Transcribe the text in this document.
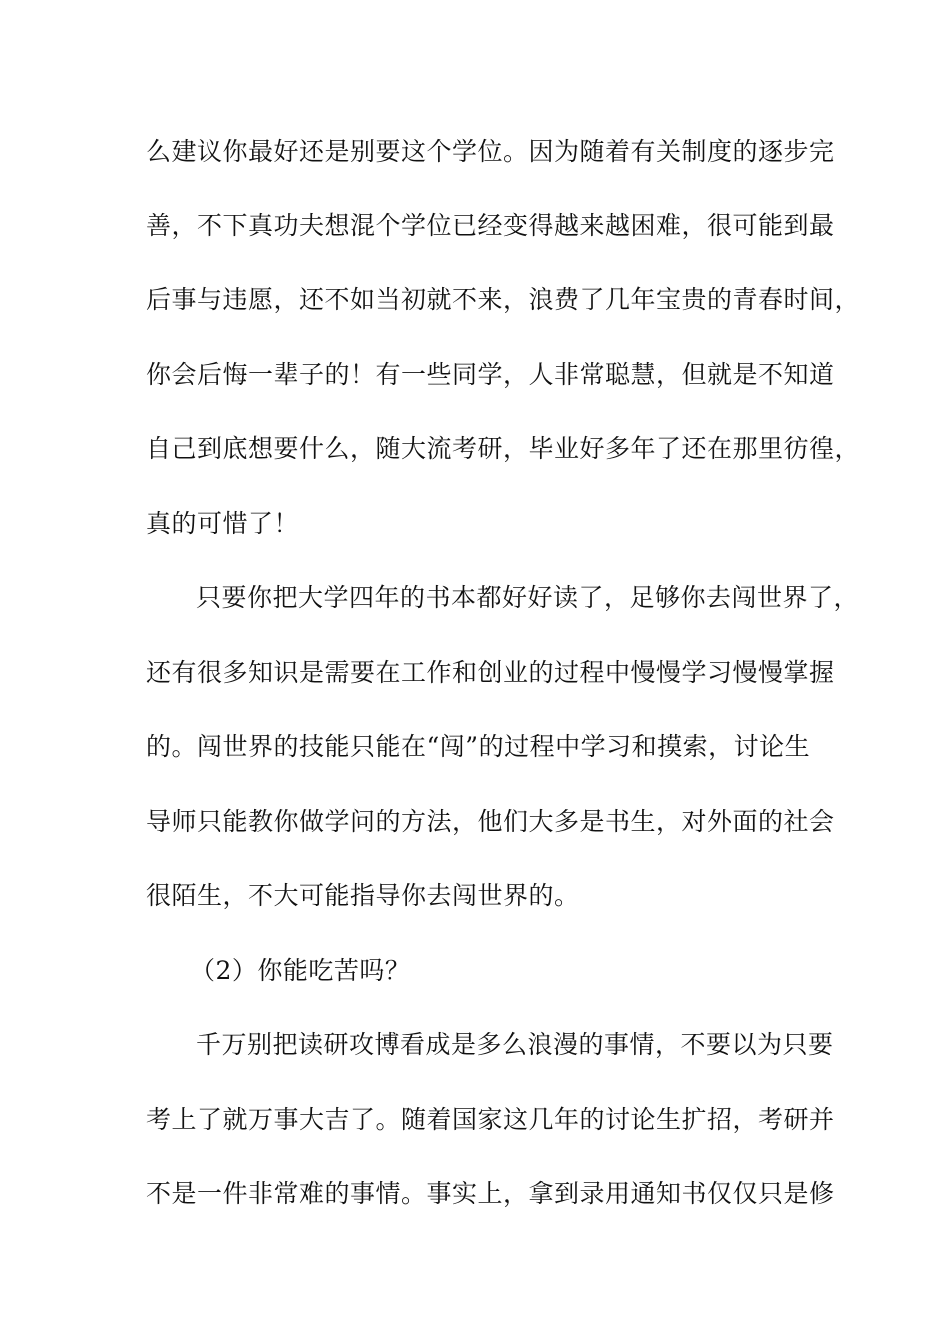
么建议你最好还是别要这个学位。因为随着有关制度的逐步完
善，不下真功夫想混个学位已经变得越来越困难，很可能到最
后事与违愿，还不如当初就不来，浪费了几年宝贵的青春时间，
你会后悔一辈子的！有一些同学，人非常聪慧，但就是不知道
自己到底想要什么，随大流考研，毕业好多年了还在那里彷徨，
真的可惜了！
只要你把大学四年的书本都好好读了，足够你去闯世界了，
还有很多知识是需要在工作和创业的过程中慢慢学习慢慢掌握
的。闯世界的技能只能在“闯”的过程中学习和摸索，讨论生
导师只能教你做学问的方法，他们大多是书生，对外面的社会
很陌生，不大可能指导你去闯世界的。
（2）你能吃苦吗？
千万别把读研攻博看成是多么浪漫的事情，不要以为只要
考上了就万事大吉了。随着国家这几年的讨论生扩招，考研并
不是一件非常难的事情。事实上，拿到录用通知书仅仅只是修
